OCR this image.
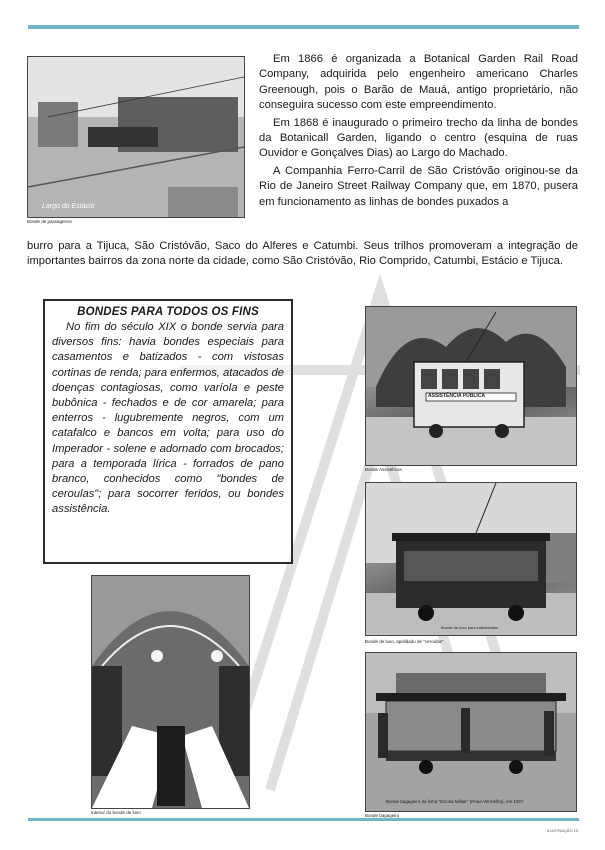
Largo do Estácio
Bonde de passageiros

Em 1866 é organizada a Botanical Garden Rail Road Company, adquirida pelo engenheiro americano Charles Greenough, pois o Barão de Mauá, antigo proprietário, não conseguira sucesso com este empreendimento.

Em 1868 é inaugurado o primeiro trecho da linha de bondes da Botanicall Garden, ligando o centro (esquina de ruas Ouvidor e Gonçalves Dias) ao Largo do Machado.

A Companhia Ferro-Carril de São Cristóvão originou-se da Rio de Janeiro Street Railway Company que, em 1870, pusera em funcionamento as linhas de bondes puxados a

burro para a Tijuca, São Cristóvão, Saco do Alferes e Catumbi. Seus trilhos promoveram a integração de importantes bairros da zona norte da cidade, como São Cristóvão, Rio Comprido, Catumbi, Estácio e Tijuca.

BONDES PARA TODOS OS FINS

No fim do século XIX o bonde servia para diversos fins: havia bondes especiais para casamentos e batizados - com vistosas cortinas de renda; para enfermos, atacados de doenças contagiosas, como varíola e peste bubônica - fechados e de cor amarela; para enterros - lugubremente negros, com um catafalco e bancos em volta; para uso do Imperador - solene e adornado com brocados; para a temporada lírica - forrados de pano branco, conhecidos como "bondes de ceroulas"; para socorrer feridos, ou bondes assistência.

ASSISTÊNCIA PÚBLICA
Bonde Assistência
Bonde de luxo para solenidades
Bonde de luxo, apelidado de "ceroulas"
Interior do bonde de luxo
Bonde bagageiro da linha "Escola Militar" (Praia Vermelha), em 1907
Bonde bagageiro
ILUSTRAÇÃO 10
